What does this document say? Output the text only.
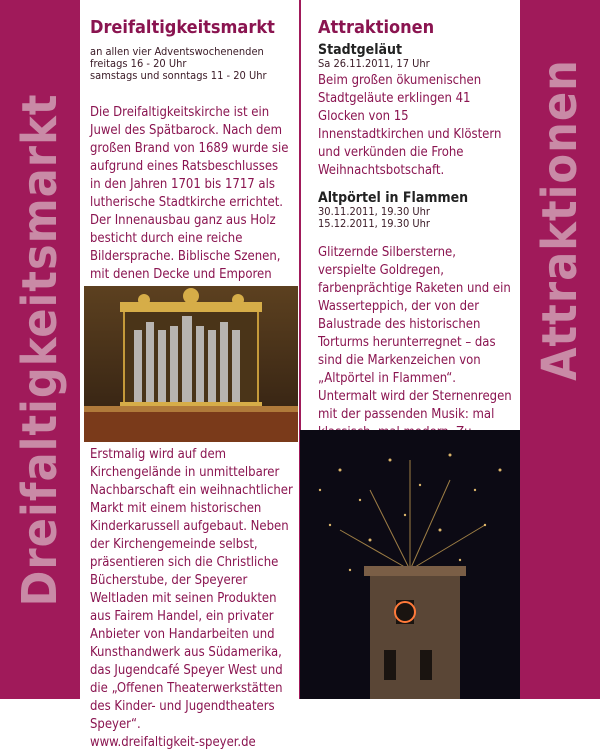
Dreifaltigkeitsmarkt	Attraktionen
Dreifaltigkeitsmarkt
an allen vier Adventswochenenden
freitags 16 - 20 Uhr
samstags und sonntags 11 - 20 Uhr
Die Dreifaltigkeitskirche ist ein Juwel des Spätbarock. Nach dem großen Brand von 1689 wurde sie aufgrund eines Ratsbeschlusses in den Jahren 1701 bis 1717 als lutherische Stadtkirche errichtet. Der Innenausbau ganz aus Holz besticht durch eine reiche Bildersprache. Biblische Szenen, mit denen Decke und Emporen
Erstmalig wird auf dem Kirchengelände in unmittelbarer Nachbarschaft ein weihnachtlicher Markt mit einem historischen Kinderkarussell aufgebaut. Neben der Kirchengemeinde selbst, präsentieren sich die Christliche Bücherstube, der Speyerer Weltladen mit seinen Produkten aus Fairem Handel, ein privater Anbieter von Handarbeiten und Kunsthandwerk aus Südamerika, das Jugendcafé Speyer West und die „Offenen Theaterwerkstätten des Kinder- und Jugendtheaters Speyer“.
www.dreifaltigkeit-speyer.de
Attraktionen
Stadtgeläut
Sa 26.11.2011, 17 Uhr
Beim großen ökumenischen Stadtgeläute erklingen 41 Glocken von 15 Innenstadtkirchen und Klöstern und verkünden die Frohe Weihnachtsbotschaft.
Altpörtel in Flammen
30.11.2011, 19.30 Uhr
15.12.2011, 19.30 Uhr
Glitzernde Silbersterne, verspielte Goldregen, farbenprächtige Raketen und ein Wasserteppich, der von der Balustrade des historischen Torturms herunterregnet – das sind die Markenzeichen von „Altpörtel in Flammen“. Untermalt wird der Sternenregen mit der passenden Musik: mal
